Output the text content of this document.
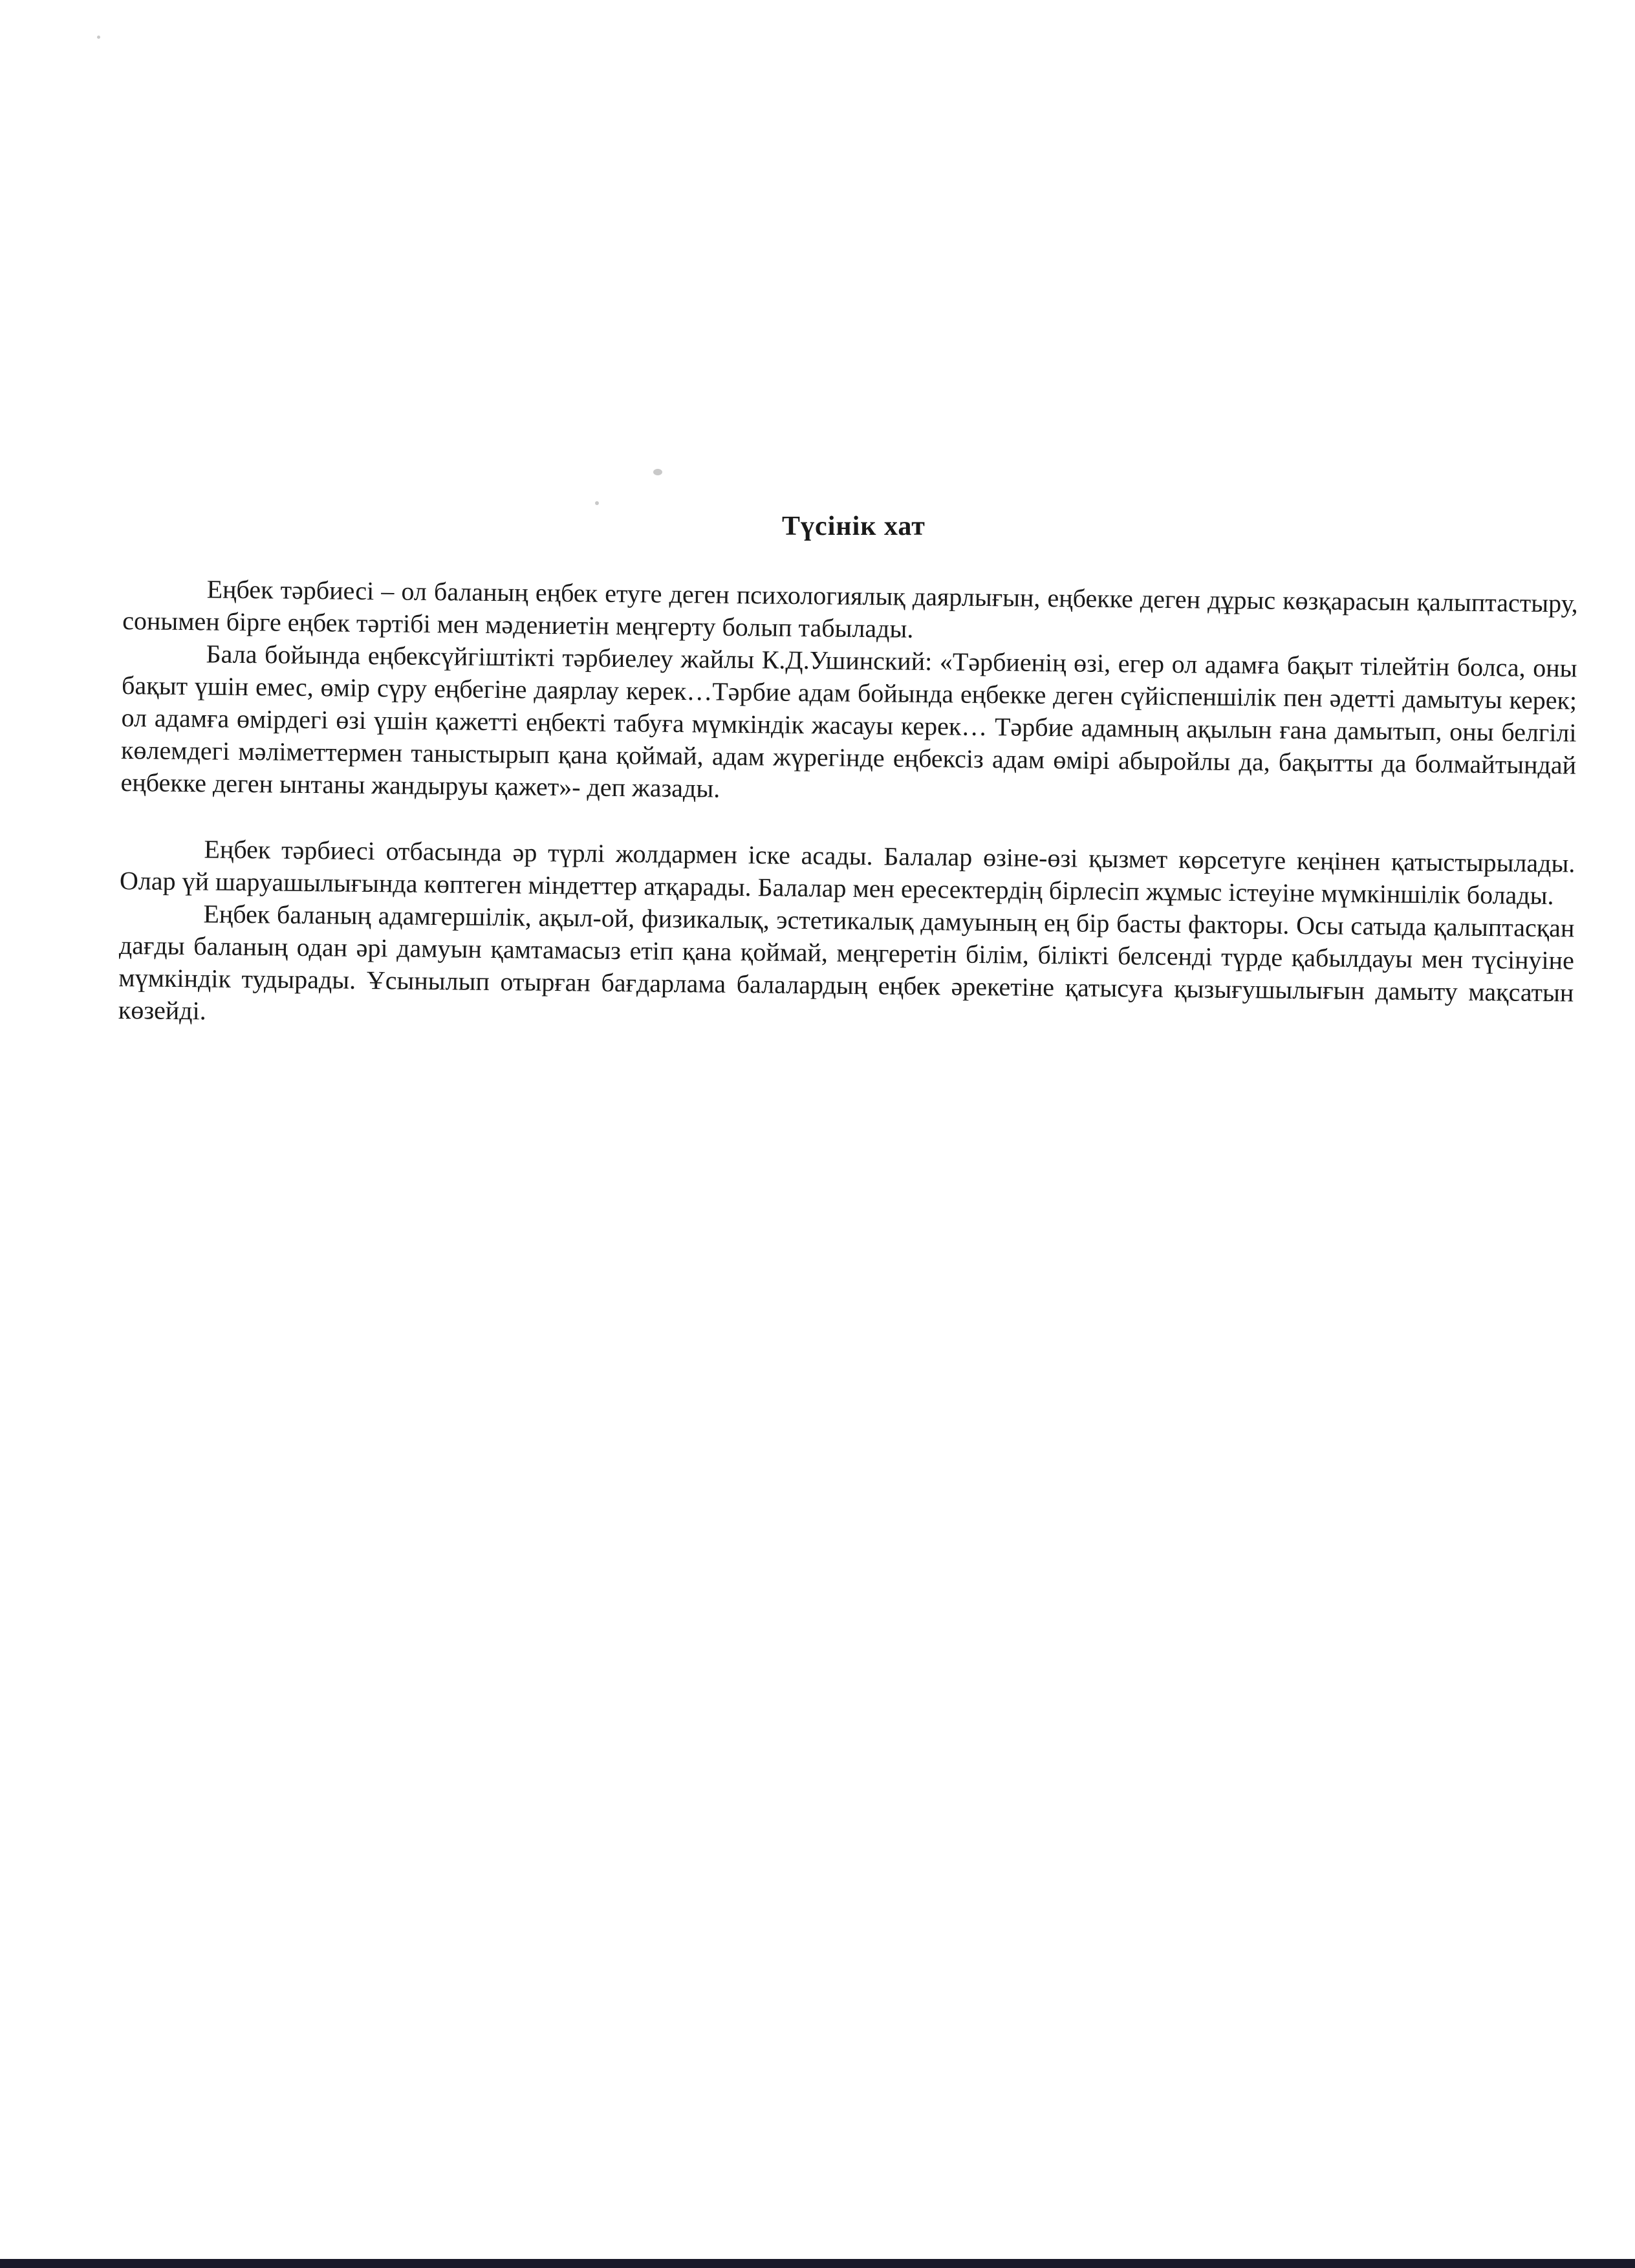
Түсінік хат

Еңбек тәрбиесі – ол баланың еңбек етуге деген психологиялық даярлығын, еңбекке деген дұрыс көзқарасын қалыптастыру, сонымен бірге еңбек тәртібі мен мәдениетін меңгерту болып табылады.

Бала бойында еңбексүйгіштікті тәрбиелеу жайлы К.Д.Ушинский: «Тәрбиенің өзі, егер ол адамға бақыт тілейтін болса, оны бақыт үшін емес, өмір сүру еңбегіне даярлау керек…Тәрбие адам бойында еңбекке деген сүйіспеншілік пен әдетті дамытуы керек; ол адамға өмірдегі өзі үшін қажетті еңбекті табуға мүмкіндік жасауы керек… Тәрбие адамның ақылын ғана дамытып, оны белгілі көлемдегі мәліметтермен таныстырып қана қоймай, адам жүрегінде еңбексіз адам өмірі абыройлы да, бақытты да болмайтындай еңбекке деген ынтаны жандыруы қажет»- деп жазады.

Еңбек тәрбиесі отбасында әр түрлі жолдармен іске асады. Балалар өзіне-өзі қызмет көрсетуге кеңінен қатыстырылады. Олар үй шаруашылығында көптеген міндеттер атқарады. Балалар мен ересектердің бірлесіп жұмыс істеуіне мүмкіншілік болады.

Еңбек баланың адамгершілік, ақыл-ой, физикалық, эстетикалық дамуының ең бір басты факторы. Осы сатыда қалыптасқан дағды баланың одан әрі дамуын қамтамасыз етіп қана қоймай, меңгеретін білім, білікті белсенді түрде қабылдауы мен түсінуіне мүмкіндік тудырады. Ұсынылып отырған бағдарлама балалардың еңбек әрекетіне қатысуға қызығушылығын дамыту мақсатын көзейді.
